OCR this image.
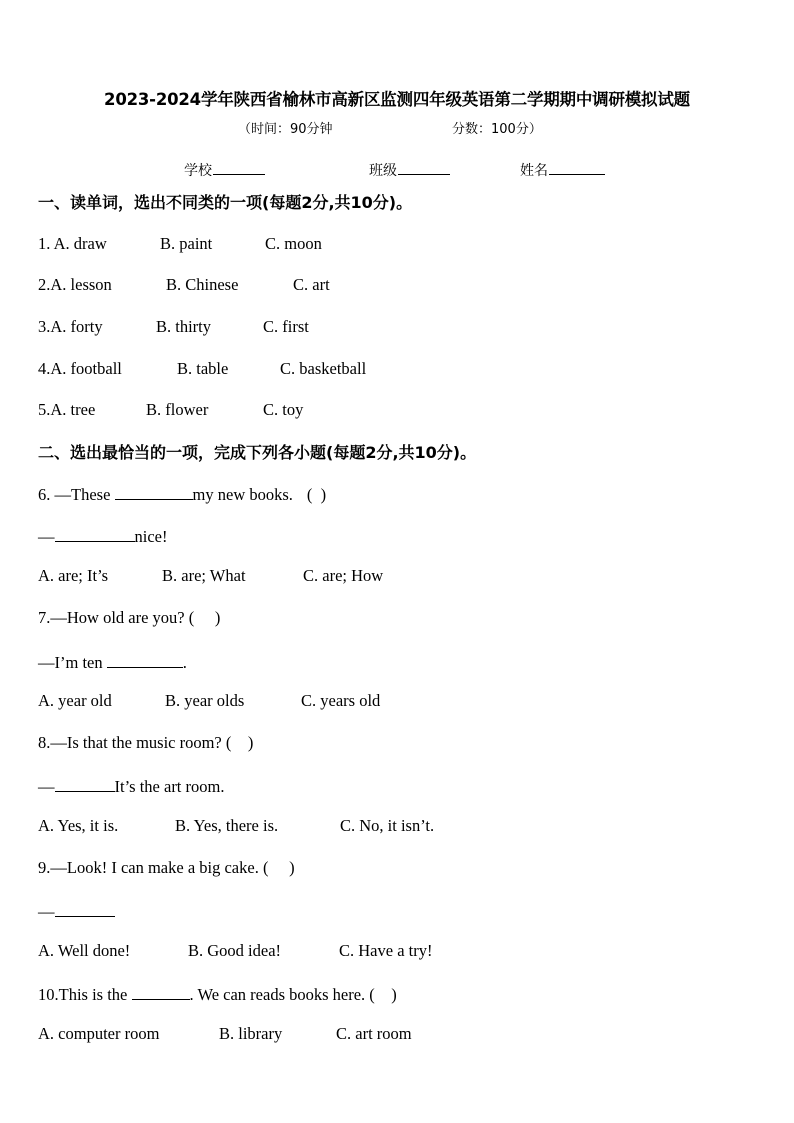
2023-2024学年陕西省榆林市高新区监测四年级英语第二学期期中调研模拟试题
（时间：90分钟	分数：100分）
学校	班级	姓名
一、读单词，选出不同类的一项(每题2分,共10分)。
1. A. draw	B. paint	C. moon
2.A. lesson	B. Chinese	C. art
3.A. forty	B. thirty	C. first
4.A. football	B. table	C. basketball
5.A. tree	B. flower	C. toy
二、选出最恰当的一项，完成下列各小题(每题2分,共10分)。
6. —These	my new books. (  )
—	nice!
A. are; It’s	B. are; What	C. are; How
7.—How old are you? (     )
—I’m ten	.
A. year old	B. year olds	C. years old
8.—Is that the music room? (    )
—	It’s the art room.
A. Yes, it is.	B. Yes, there is.	C. No, it isn’t.
9.—Look! I can make a big cake. (     )
—
A. Well done!	B. Good idea!	C. Have a try!
10.This is the	. We can reads books here. (    )
A. computer room	B. library	C. art room
